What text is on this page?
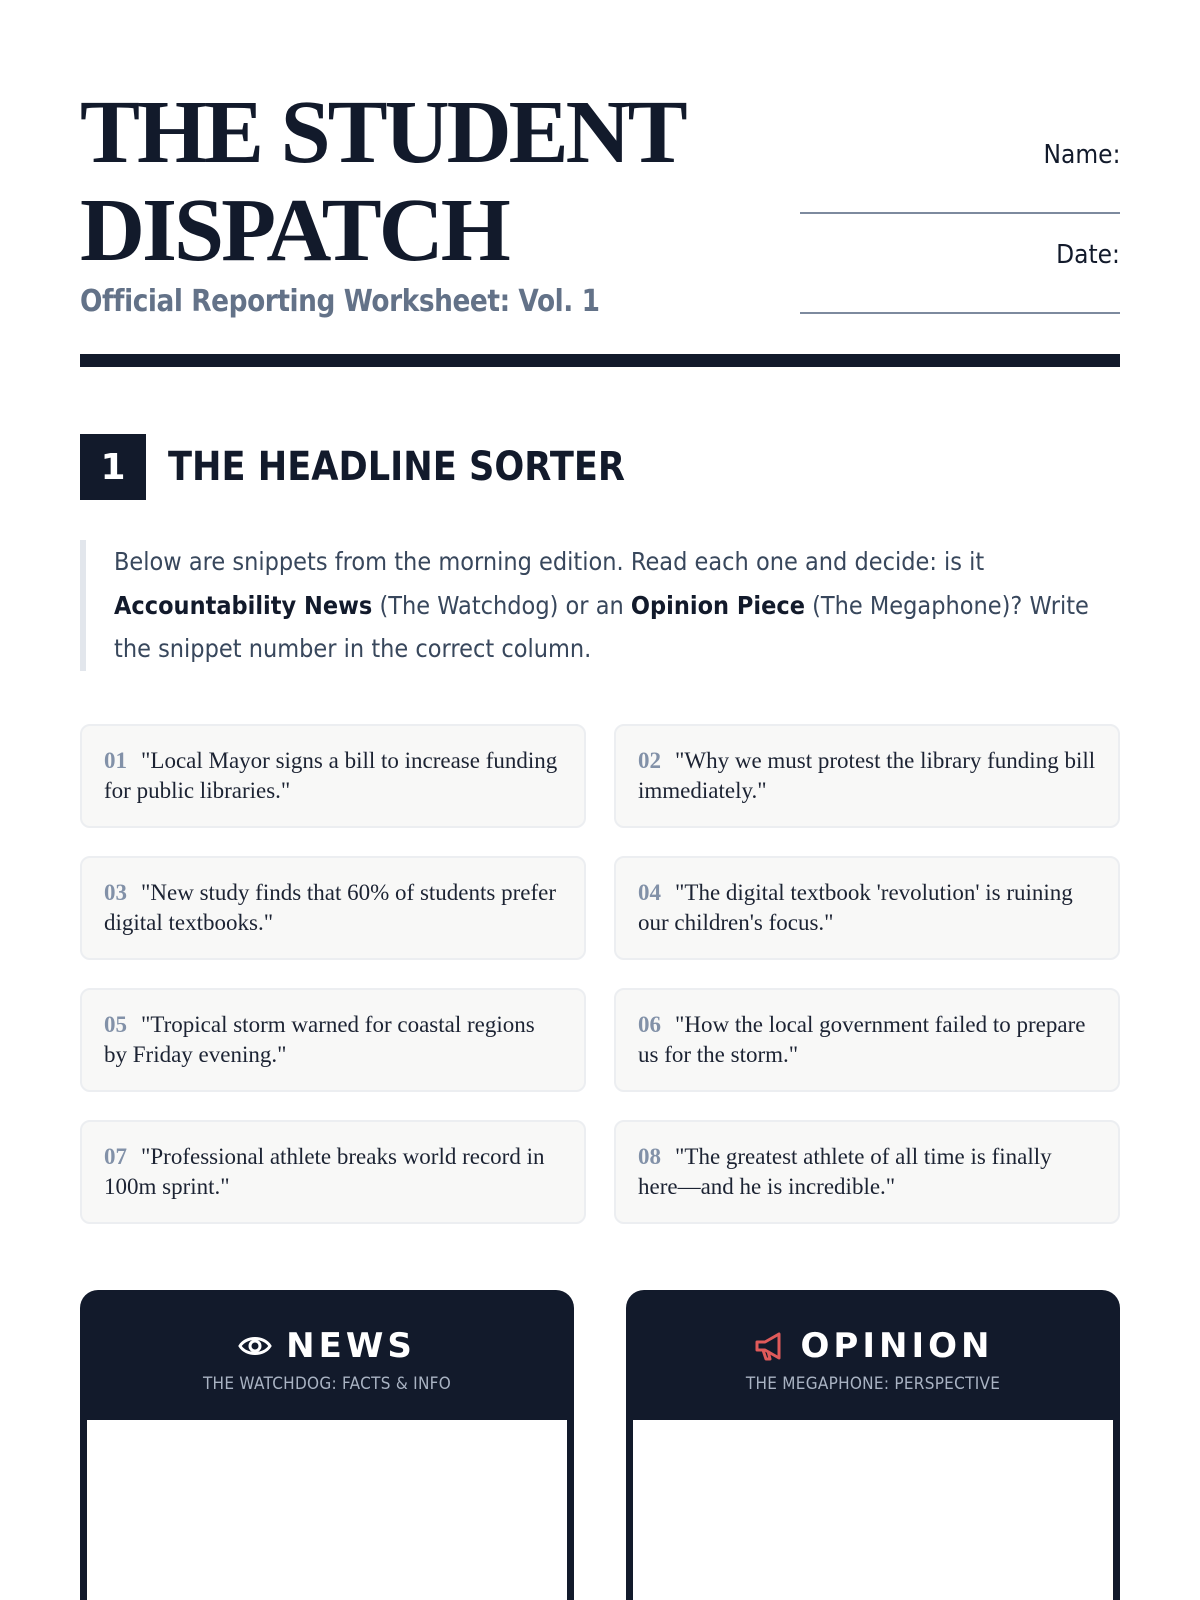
THE STUDENT DISPATCH
Official Reporting Worksheet: Vol. 1
Name:
Date:
1	THE HEADLINE SORTER
Below are snippets from the morning edition. Read each one and decide: is it Accountability News (The Watchdog) or an Opinion Piece (The Megaphone)? Write the snippet number in the correct column.
01 "Local Mayor signs a bill to increase funding for public libraries."
02 "Why we must protest the library funding bill immediately."
03 "New study finds that 60% of students prefer digital textbooks."
04 "The digital textbook 'revolution' is ruining our children's focus."
05 "Tropical storm warned for coastal regions by Friday evening."
06 "How the local government failed to prepare us for the storm."
07 "Professional athlete breaks world record in 100m sprint."
08 "The greatest athlete of all time is finally here—and he is incredible."
NEWS
THE WATCHDOG: FACTS & INFO
OPINION
THE MEGAPHONE: PERSPECTIVE
